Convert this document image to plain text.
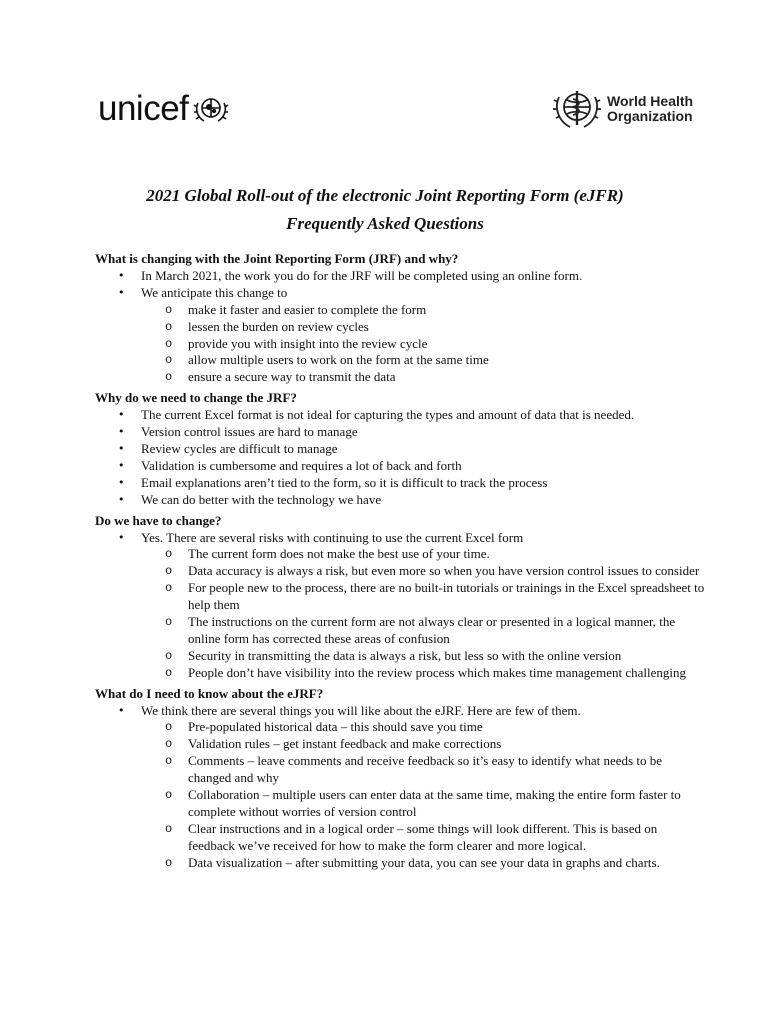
unicef	World Health
Organization
2021 Global Roll-out of the electronic Joint Reporting Form (eJFR)
Frequently Asked Questions

What is changing with the Joint Reporting Form (JRF) and why?

• In March 2021, the work you do for the JRF will be completed using an online form.
• We anticipate this change to
o make it faster and easier to complete the form
o lessen the burden on review cycles
o provide you with insight into the review cycle
o allow multiple users to work on the form at the same time
o ensure a secure way to transmit the data

Why do we need to change the JRF?

• The current Excel format is not ideal for capturing the types and amount of data that is needed.
• Version control issues are hard to manage
• Review cycles are difficult to manage
• Validation is cumbersome and requires a lot of back and forth
• Email explanations aren’t tied to the form, so it is difficult to track the process
• We can do better with the technology we have

Do we have to change?

• Yes. There are several risks with continuing to use the current Excel form
o The current form does not make the best use of your time.
o Data accuracy is always a risk, but even more so when you have version control issues to consider
o For people new to the process, there are no built-in tutorials or trainings in the Excel spreadsheet to help them
o The instructions on the current form are not always clear or presented in a logical manner, the online form has corrected these areas of confusion
o Security in transmitting the data is always a risk, but less so with the online version
o People don’t have visibility into the review process which makes time management challenging

What do I need to know about the eJRF?

• We think there are several things you will like about the eJRF. Here are few of them.
o Pre-populated historical data – this should save you time
o Validation rules – get instant feedback and make corrections
o Comments – leave comments and receive feedback so it’s easy to identify what needs to be changed and why
o Collaboration – multiple users can enter data at the same time, making the entire form faster to complete without worries of version control
o Clear instructions and in a logical order – some things will look different. This is based on feedback we’ve received for how to make the form clearer and more logical.
o Data visualization – after submitting your data, you can see your data in graphs and charts.
